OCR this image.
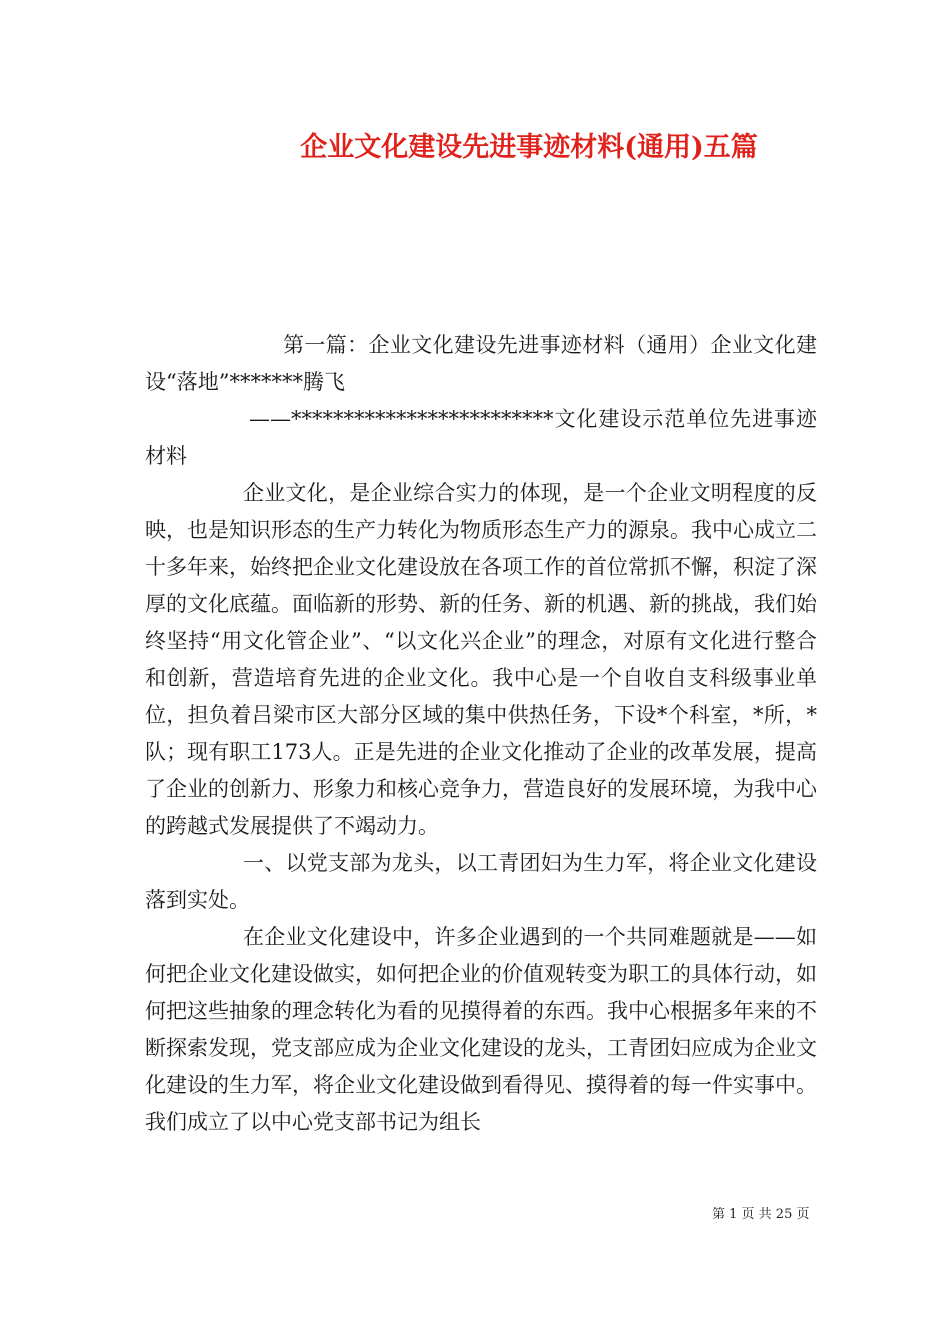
企业文化建设先进事迹材料(通用)五篇

第一篇：企业文化建设先进事迹材料（通用）企业文化建设“落地”*******腾飞

——*************************文化建设示范单位先进事迹材料

企业文化，是企业综合实力的体现，是一个企业文明程度的反映，也是知识形态的生产力转化为物质形态生产力的源泉。我中心成立二十多年来，始终把企业文化建设放在各项工作的首位常抓不懈，积淀了深厚的文化底蕴。面临新的形势、新的任务、新的机遇、新的挑战，我们始终坚持“用文化管企业”、“以文化兴企业”的理念，对原有文化进行整合和创新，营造培育先进的企业文化。我中心是一个自收自支科级事业单位，担负着吕梁市区大部分区域的集中供热任务，下设*个科室，*所，*队；现有职工173人。正是先进的企业文化推动了企业的改革发展，提高了企业的创新力、形象力和核心竞争力，营造良好的发展环境，为我中心的跨越式发展提供了不竭动力。

一、以党支部为龙头，以工青团妇为生力军，将企业文化建设落到实处。

在企业文化建设中，许多企业遇到的一个共同难题就是——如何把企业文化建设做实，如何把企业的价值观转变为职工的具体行动，如何把这些抽象的理念转化为看的见摸得着的东西。我中心根据多年来的不断探索发现，党支部应成为企业文化建设的龙头，工青团妇应成为企业文化建设的生力军，将企业文化建设做到看得见、摸得着的每一件实事中。我们成立了以中心党支部书记为组长

第 1 页 共 25 页
